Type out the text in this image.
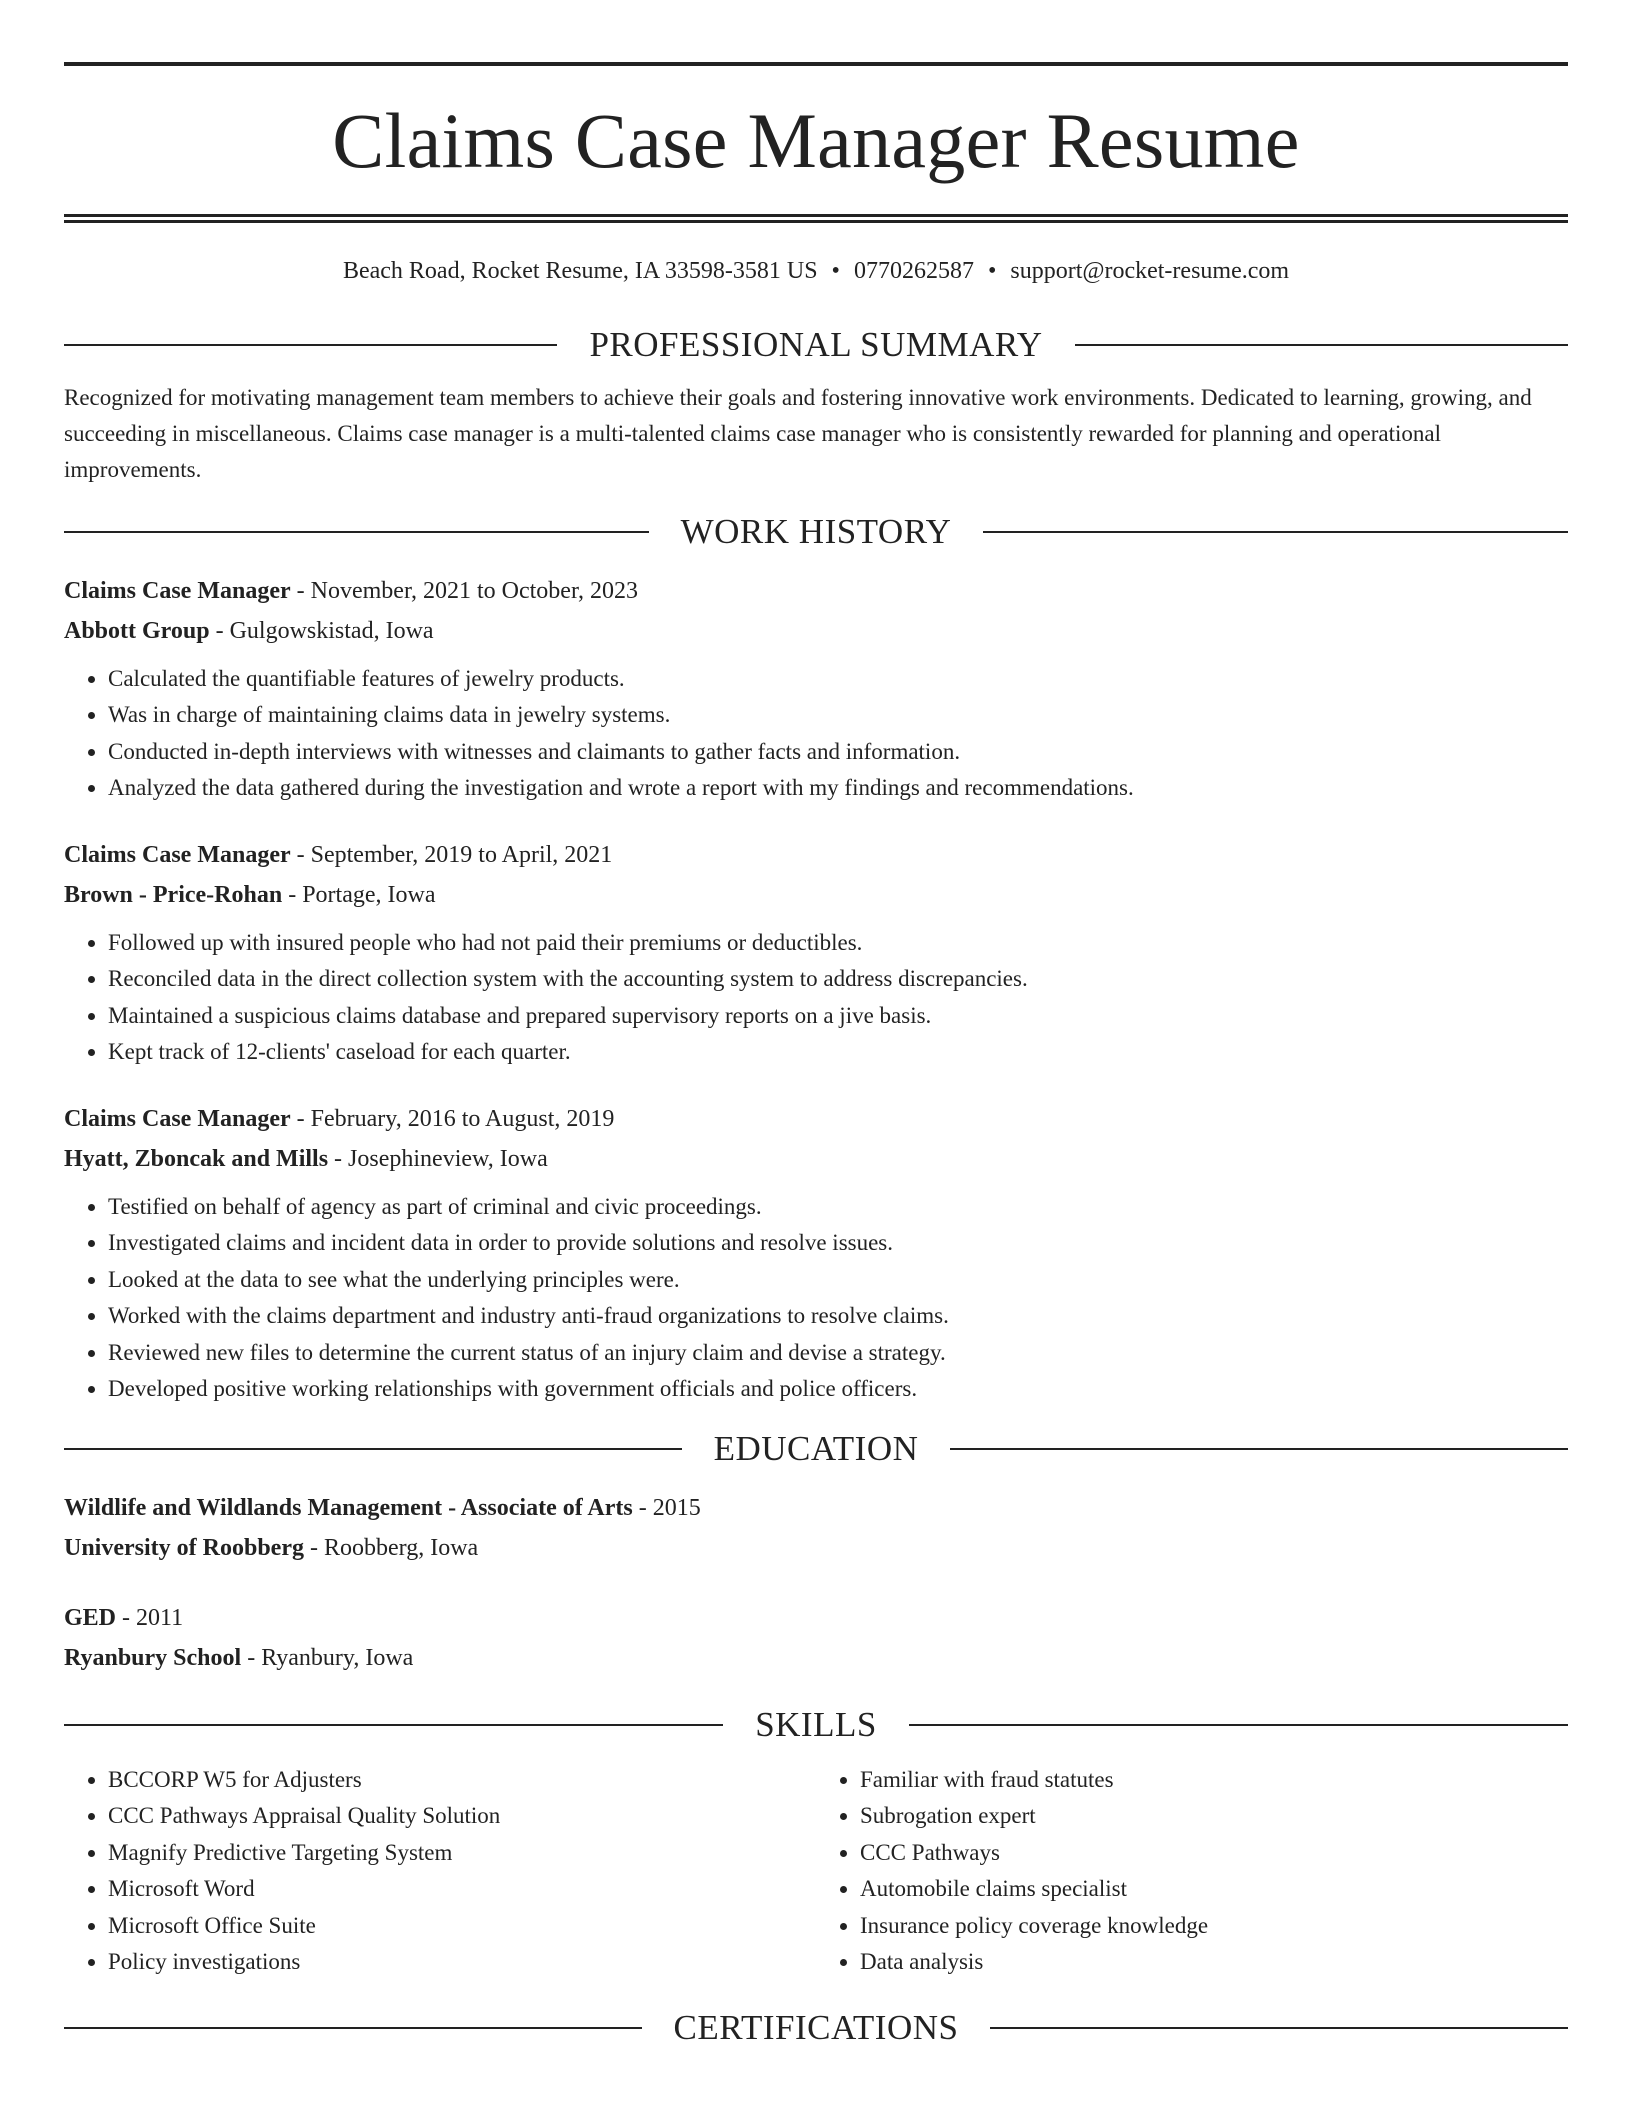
Claims Case Manager Resume
Beach Road, Rocket Resume, IA 33598-3581 US • 0770262587 • support@rocket-resume.com
PROFESSIONAL SUMMARY

Recognized for motivating management team members to achieve their goals and fostering innovative work environments. Dedicated to learning, growing, and succeeding in miscellaneous. Claims case manager is a multi-talented claims case manager who is consistently rewarded for planning and operational improvements.

WORK HISTORY
Claims Case Manager - November, 2021 to October, 2023
Abbott Group - Gulgowskistad, Iowa
• Calculated the quantifiable features of jewelry products.
• Was in charge of maintaining claims data in jewelry systems.
• Conducted in-depth interviews with witnesses and claimants to gather facts and information.
• Analyzed the data gathered during the investigation and wrote a report with my findings and recommendations.
Claims Case Manager - September, 2019 to April, 2021
Brown - Price-Rohan - Portage, Iowa
• Followed up with insured people who had not paid their premiums or deductibles.
• Reconciled data in the direct collection system with the accounting system to address discrepancies.
• Maintained a suspicious claims database and prepared supervisory reports on a jive basis.
• Kept track of 12-clients' caseload for each quarter.
Claims Case Manager - February, 2016 to August, 2019
Hyatt, Zboncak and Mills - Josephineview, Iowa
• Testified on behalf of agency as part of criminal and civic proceedings.
• Investigated claims and incident data in order to provide solutions and resolve issues.
• Looked at the data to see what the underlying principles were.
• Worked with the claims department and industry anti-fraud organizations to resolve claims.
• Reviewed new files to determine the current status of an injury claim and devise a strategy.
• Developed positive working relationships with government officials and police officers.
EDUCATION
Wildlife and Wildlands Management - Associate of Arts - 2015
University of Roobberg - Roobberg, Iowa
GED - 2011
Ryanbury School - Ryanbury, Iowa
SKILLS
• BCCORP W5 for Adjusters
• CCC Pathways Appraisal Quality Solution
• Magnify Predictive Targeting System
• Microsoft Word
• Microsoft Office Suite
• Policy investigations
• Familiar with fraud statutes
• Subrogation expert
• CCC Pathways
• Automobile claims specialist
• Insurance policy coverage knowledge
• Data analysis
CERTIFICATIONS
